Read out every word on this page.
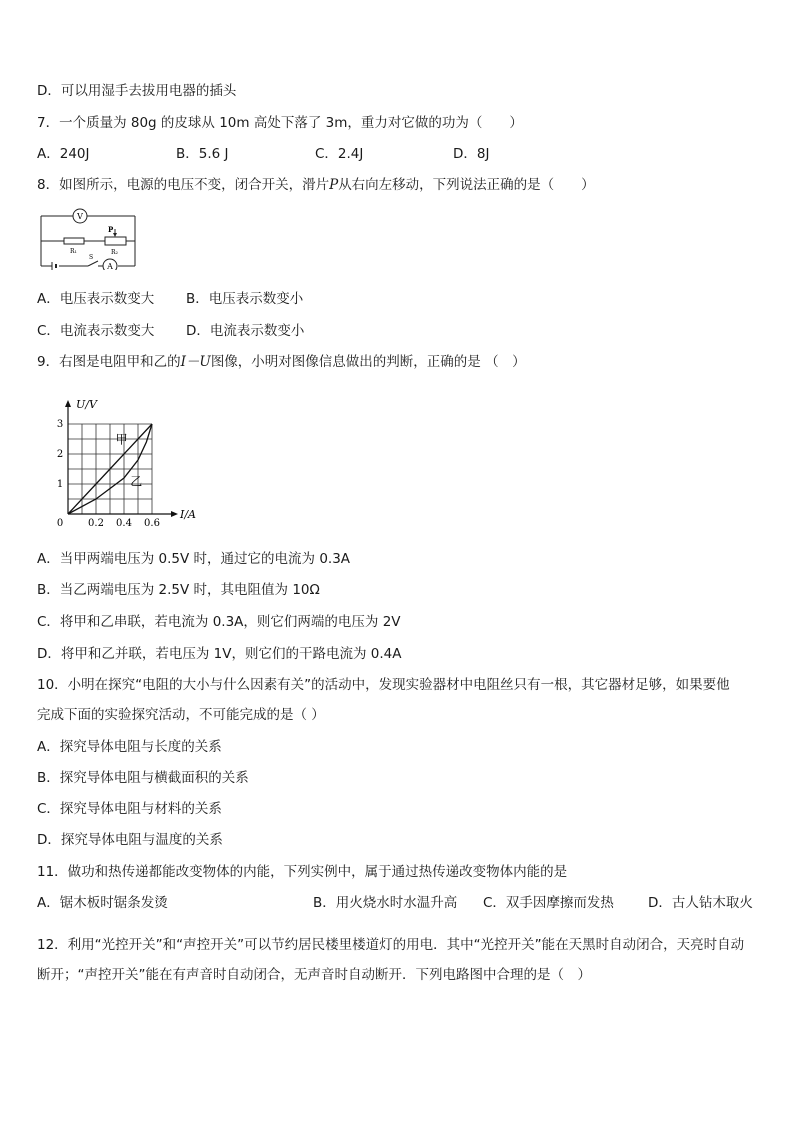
D．可以用湿手去拔用电器的插头
7．一个质量为 80g 的皮球从 10m 高处下落了 3m，重力对它做的功为（　　）
A．240J	B．5.6 J	C．2.4J	D．8J
8．如图所示，电源的电压不变，闭合开关，滑片P从右向左移动，下列说法正确的是（　　）
V
A
P
R₁	R₂
S
A．电压表示数变大 B．电压表示数变小
C．电流表示数变大 D．电流表示数变小
9．右图是电阻甲和乙的I－U图像，小明对图像信息做出的判断，正确的是 （　）
甲
乙
0.2 0.4 0.6
1
2
3
0
I/A
U/V
A．当甲两端电压为 0.5V 时，通过它的电流为 0.3A
B．当乙两端电压为 2.5V 时，其电阻值为 10Ω
C．将甲和乙串联，若电流为 0.3A，则它们两端的电压为 2V
D．将甲和乙并联，若电压为 1V，则它们的干路电流为 0.4A
10．小明在探究“电阻的大小与什么因素有关”的活动中，发现实验器材中电阻丝只有一根，其它器材足够，如果要他
完成下面的实验探究活动，不可能完成的是（ ）
A．探究导体电阻与长度的关系
B．探究导体电阻与横截面积的关系
C．探究导体电阻与材料的关系
D．探究导体电阻与温度的关系
11．做功和热传递都能改变物体的内能，下列实例中，属于通过热传递改变物体内能的是
A．锯木板时锯条发烫	B．用火烧水时水温升高 C．双手因摩擦而发热	D．古人钻木取火
12．利用“光控开关”和“声控开关”可以节约居民楼里楼道灯的用电．其中“光控开关”能在天黑时自动闭合，天亮时自动
断开；“声控开关”能在有声音时自动闭合，无声音时自动断开．下列电路图中合理的是（　）
